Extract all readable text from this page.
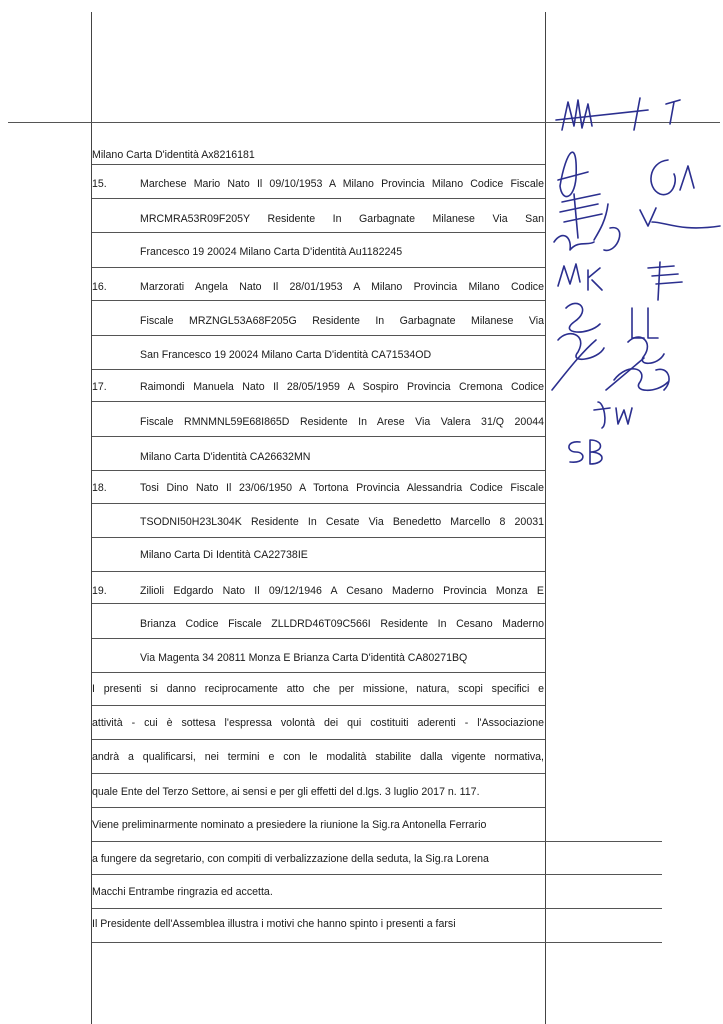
Milano Carta D'identità Ax8216181
15.	Marchese Mario Nato Il 09/10/1953 A Milano Provincia Milano Codice Fiscale
MRCMRA53R09F205Y Residente In Garbagnate Milanese Via San
Francesco 19 20024 Milano Carta D'identità Au1182245
16.	Marzorati Angela Nato Il 28/01/1953 A Milano Provincia Milano Codice
Fiscale MRZNGL53A68F205G Residente In Garbagnate Milanese Via
San Francesco 19 20024 Milano Carta D'identità CA71534OD
17.	Raimondi Manuela Nato Il 28/05/1959 A Sospiro Provincia Cremona Codice
Fiscale RMNMNL59E68I865D Residente In Arese Via Valera 31/Q 20044
Milano Carta D'identità CA26632MN
18.	Tosi Dino Nato Il 23/06/1950 A Tortona Provincia Alessandria Codice Fiscale
TSODNI50H23L304K Residente In Cesate Via Benedetto Marcello 8 20031
Milano Carta Di Identità CA22738IE
19.	Zilioli Edgardo Nato Il 09/12/1946 A Cesano Maderno Provincia Monza E
Brianza Codice Fiscale ZLLDRD46T09C566I Residente In Cesano Maderno
Via Magenta 34 20811 Monza E Brianza Carta D'identità CA80271BQ
I presenti si danno reciprocamente atto che per missione, natura, scopi specifici e
attività - cui è sottesa l'espressa volontà dei qui costituiti aderenti - l'Associazione
andrà a qualificarsi, nei termini e con le modalità stabilite dalla vigente normativa,
quale Ente del Terzo Settore, ai sensi e per gli effetti del d.lgs. 3 luglio 2017 n. 117.
Viene preliminarmente nominato a presiedere la riunione la Sig.ra Antonella Ferrario
a fungere da segretario, con compiti di verbalizzazione della seduta, la Sig.ra Lorena
Macchi Entrambe ringrazia ed accetta.
Il Presidente dell'Assemblea illustra i motivi che hanno spinto i presenti a farsi
